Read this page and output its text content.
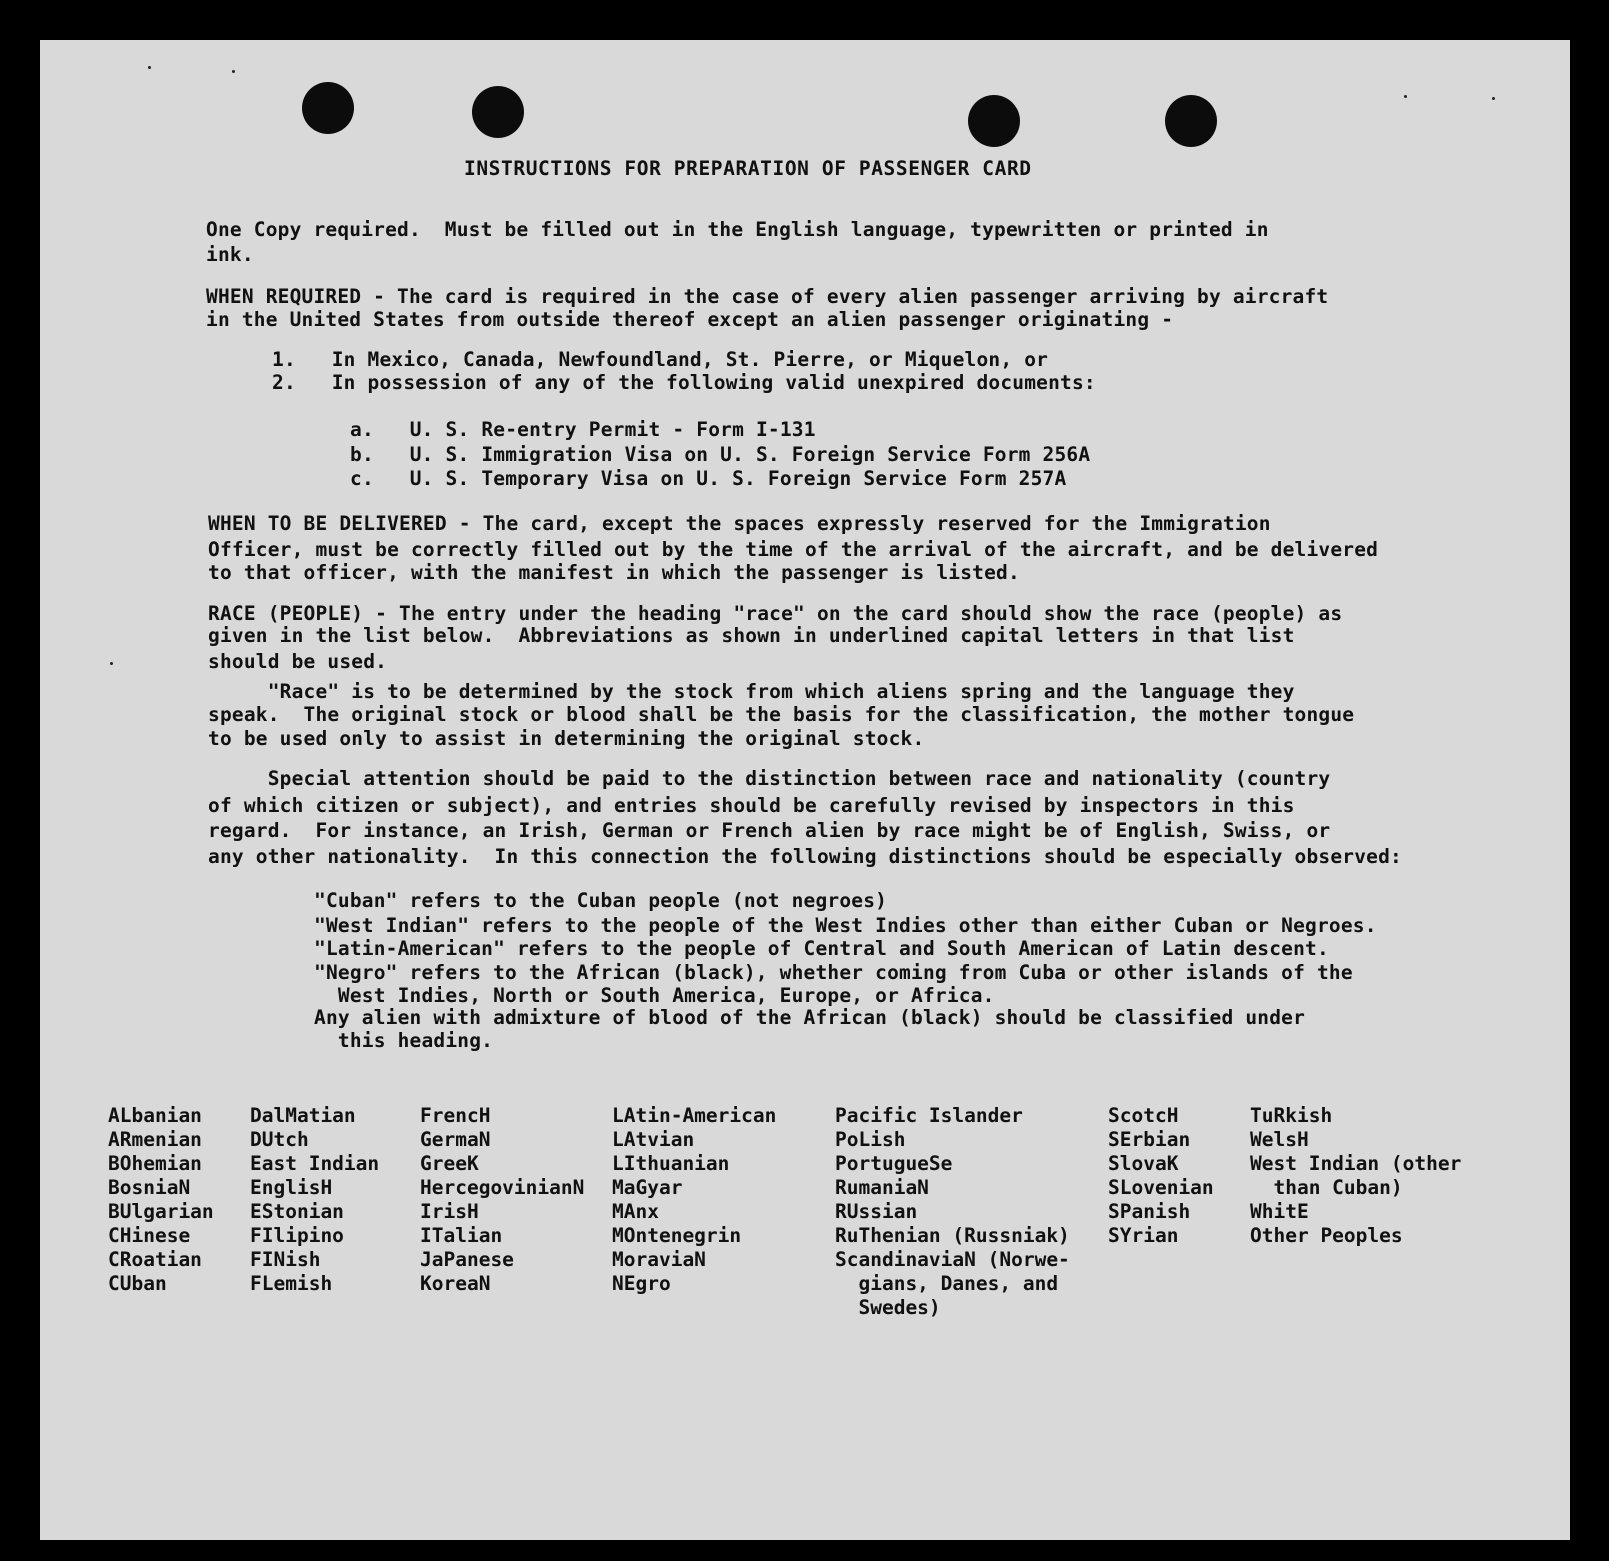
INSTRUCTIONS FOR PREPARATION OF PASSENGER CARD
One Copy required.  Must be filled out in the English language, typewritten or printed in
ink.
WHEN REQUIRED - The card is required in the case of every alien passenger arriving by aircraft
in the United States from outside thereof except an alien passenger originating -
1.   In Mexico, Canada, Newfoundland, St. Pierre, or Miquelon, or
2.   In possession of any of the following valid unexpired documents:
a.   U. S. Re-entry Permit - Form I-131
b.   U. S. Immigration Visa on U. S. Foreign Service Form 256A
c.   U. S. Temporary Visa on U. S. Foreign Service Form 257A
WHEN TO BE DELIVERED - The card, except the spaces expressly reserved for the Immigration
Officer, must be correctly filled out by the time of the arrival of the aircraft, and be delivered
to that officer, with the manifest in which the passenger is listed.
RACE (PEOPLE) - The entry under the heading "race" on the card should show the race (people) as
given in the list below.  Abbreviations as shown in underlined capital letters in that list
should be used.
"Race" is to be determined by the stock from which aliens spring and the language they
speak.  The original stock or blood shall be the basis for the classification, the mother tongue
to be used only to assist in determining the original stock.
Special attention should be paid to the distinction between race and nationality (country
of which citizen or subject), and entries should be carefully revised by inspectors in this
regard.  For instance, an Irish, German or French alien by race might be of English, Swiss, or
any other nationality.  In this connection the following distinctions should be especially observed:
"Cuban" refers to the Cuban people (not negroes)
"West Indian" refers to the people of the West Indies other than either Cuban or Negroes.
"Latin-American" refers to the people of Central and South American of Latin descent.
"Negro" refers to the African (black), whether coming from Cuba or other islands of the
West Indies, North or South America, Europe, or Africa.
Any alien with admixture of blood of the African (black) should be classified under
this heading.
ALbanian
ARmenian
BOhemian
BosniaN
BUlgarian
CHinese
CRoatian
CUban
DalMatian
DUtch
East Indian
EnglisH
EStonian
FIlipino
FINish
FLemish
FrencH
GermaN
GreeK
HercegovinianN
IrisH
ITalian
JaPanese
KoreaN
LAtin-American
LAtvian
LIthuanian
MaGyar
MAnx
MOntenegrin
MoraviaN
NEgro
Pacific Islander
PoLish
PortugueSe
RumaniaN
RUssian
RuThenian (Russniak)
ScandinaviaN (Norwe-
gians, Danes, and
Swedes)
ScotcH
SErbian
SlovaK
SLovenian
SPanish
SYrian
TuRkish
WelsH
West Indian (other
than Cuban)
WhitE
Other Peoples
